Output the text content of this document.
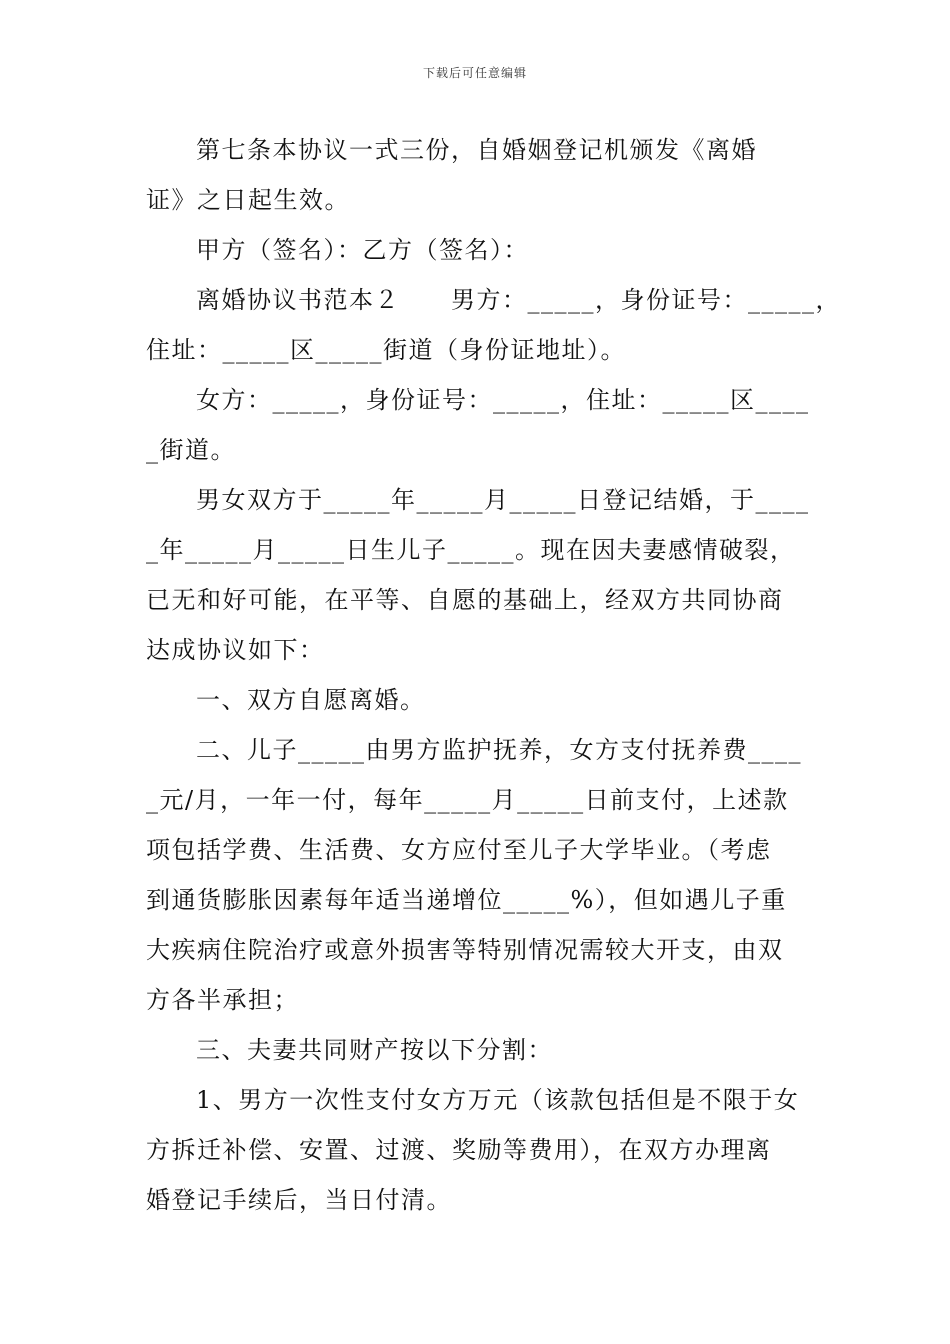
下载后可任意编辑
第七条本协议一式三份，自婚姻登记机颁发《离婚
证》之日起生效。
甲方（签名）：乙方（签名）：
离婚协议书范本２　　男方：_____，身份证号：_____，
住址：_____区_____街道（身份证地址）。
女方：_____，身份证号：_____，住址：_____区____
_街道。
男女双方于_____年_____月_____日登记结婚，于____
_年_____月_____日生儿子_____。现在因夫妻感情破裂，
已无和好可能，在平等、自愿的基础上，经双方共同协商
达成协议如下：
一、双方自愿离婚。
二、儿子_____由男方监护抚养，女方支付抚养费____
_元/月，一年一付，每年_____月_____日前支付，上述款
项包括学费、生活费、女方应付至儿子大学毕业。（考虑
到通货膨胀因素每年适当递增位_____%），但如遇儿子重
大疾病住院治疗或意外损害等特别情况需较大开支，由双
方各半承担；
三、夫妻共同财产按以下分割：
1、男方一次性支付女方万元（该款包括但是不限于女
方拆迁补偿、安置、过渡、奖励等费用），在双方办理离
婚登记手续后，当日付清。
